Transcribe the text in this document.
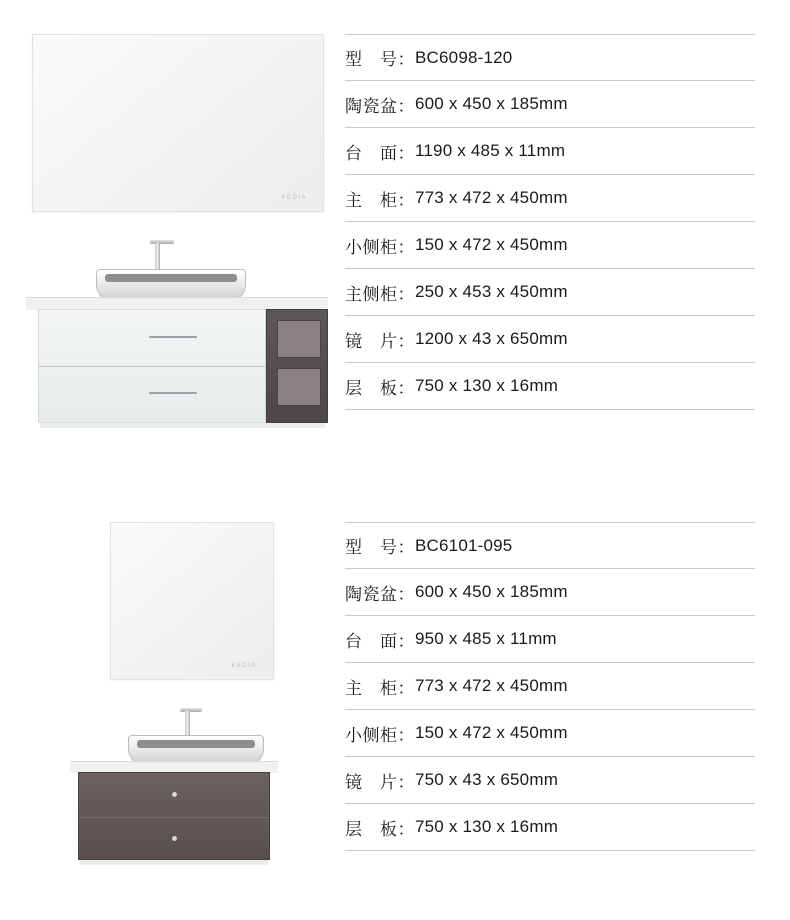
KEDIA
型　号： BC6098-120
陶瓷盆： 600 x 450 x 185mm
台　面： 1190 x 485 x 11mm
主　柜： 773 x 472 x 450mm
小侧柜： 150 x 472 x 450mm
主侧柜： 250 x 453 x 450mm
镜　片： 1200 x 43 x 650mm
层　板： 750 x 130 x 16mm
KEDIA
型　号： BC6101-095
陶瓷盆： 600 x 450 x 185mm
台　面： 950 x 485 x 11mm
主　柜： 773 x 472 x 450mm
小侧柜： 150 x 472 x 450mm
镜　片： 750 x 43 x 650mm
层　板： 750 x 130 x 16mm
